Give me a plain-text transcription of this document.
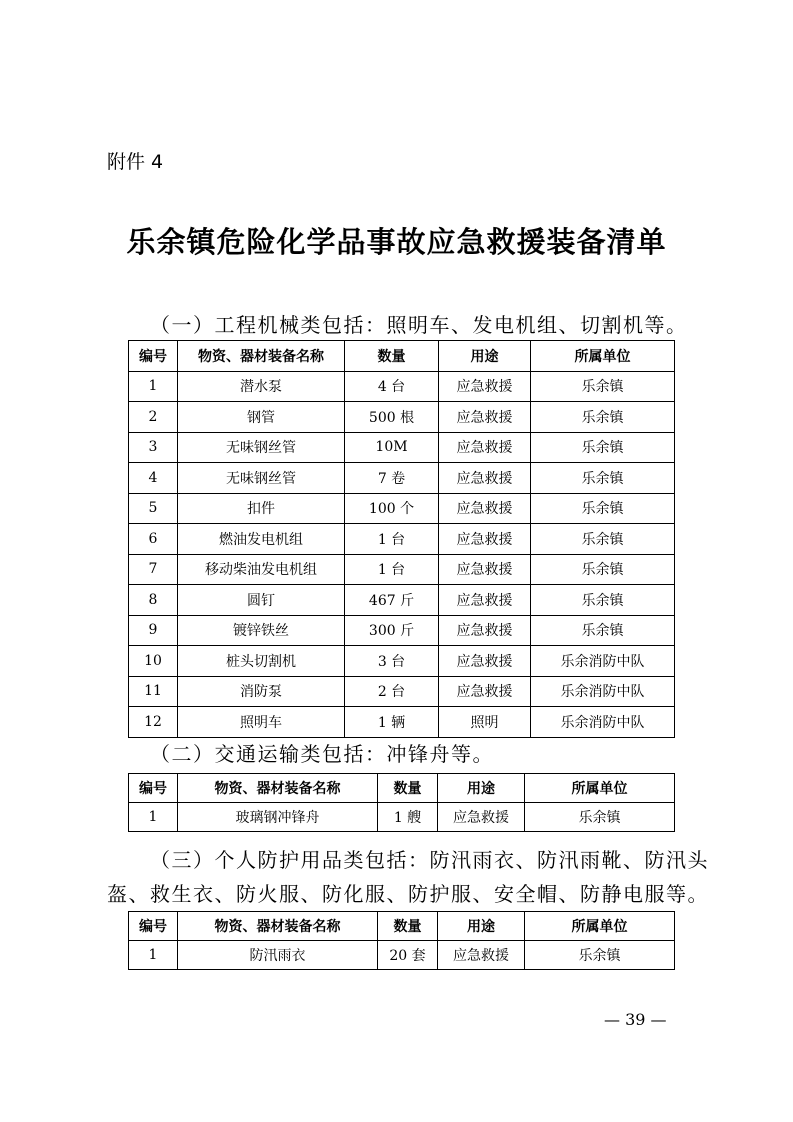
附件 4
乐余镇危险化学品事故应急救援装备清单
（一）工程机械类包括：照明车、发电机组、切割机等。
编号	物资、器材装备名称	数量	用途	所属单位
1	潜水泵	4 台	应急救援	乐余镇
2	钢管	500 根	应急救援	乐余镇
3	无味钢丝管	10M	应急救援	乐余镇
4	无味钢丝管	7 卷	应急救援	乐余镇
5	扣件	100 个	应急救援	乐余镇
6	燃油发电机组	1 台	应急救援	乐余镇
7	移动柴油发电机组	1 台	应急救援	乐余镇
8	圆钉	467 斤	应急救援	乐余镇
9	镀锌铁丝	300 斤	应急救援	乐余镇
10	桩头切割机	3 台	应急救援	乐余消防中队
11	消防泵	2 台	应急救援	乐余消防中队
12	照明车	1 辆	照明	乐余消防中队
（二）交通运输类包括：冲锋舟等。
编号	物资、器材装备名称	数量	用途	所属单位
1	玻璃钢冲锋舟	1 艘	应急救援	乐余镇
（三）个人防护用品类包括：防汛雨衣、防汛雨靴、防汛头
盔、救生衣、防火服、防化服、防护服、安全帽、防静电服等。
编号	物资、器材装备名称	数量	用途	所属单位
1	防汛雨衣	20 套	应急救援	乐余镇
— 39 —
